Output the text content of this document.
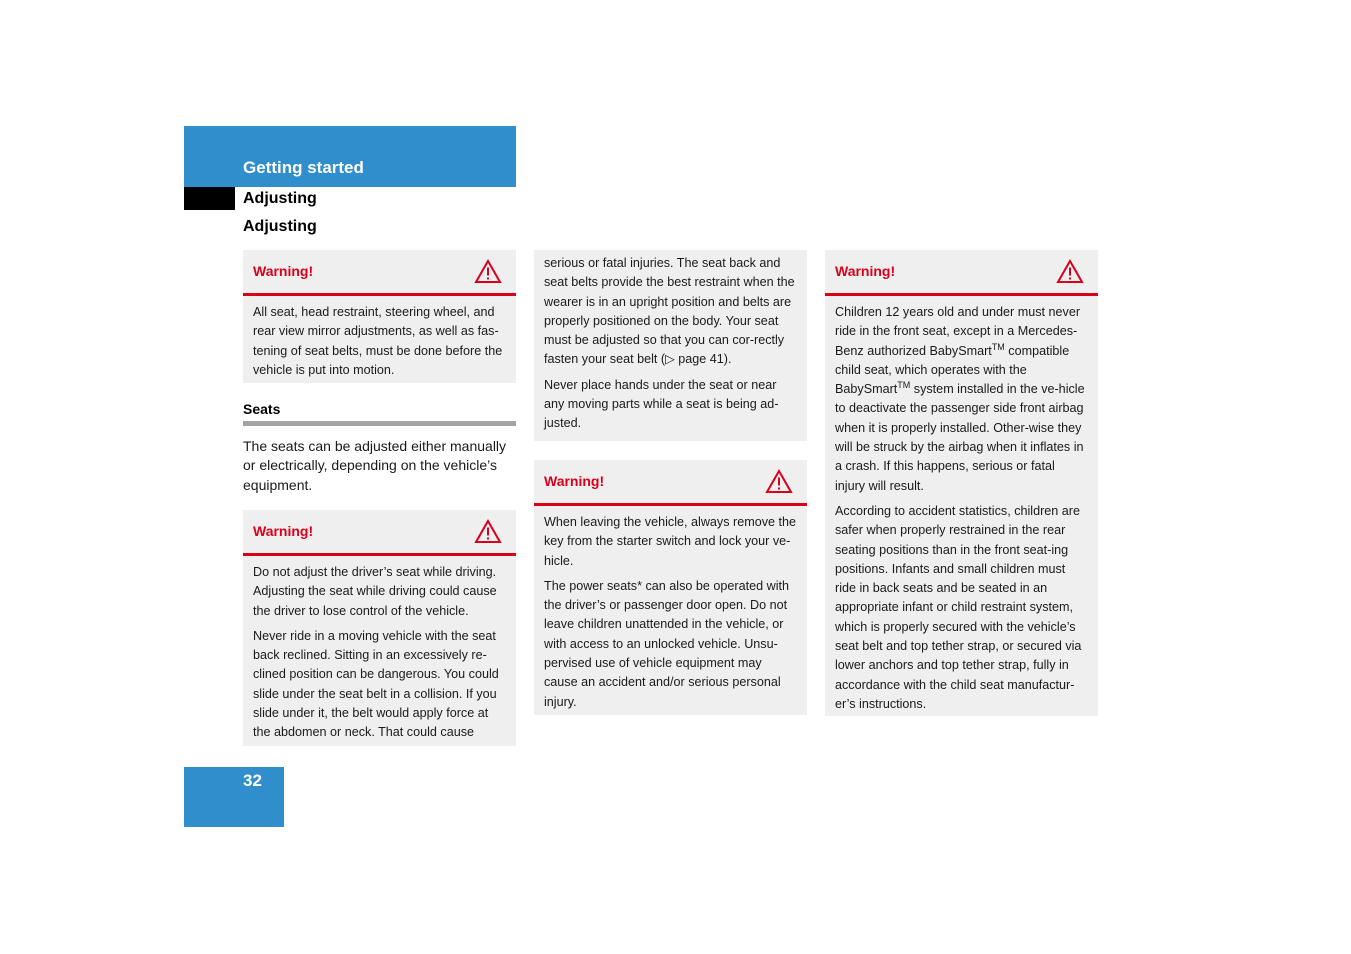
Getting started
Adjusting
Adjusting
Warning!

All seat, head restraint, steering wheel, and rear view mirror adjustments, as well as fas-tening of seat belts, must be done before the vehicle is put into motion.

Seats
The seats can be adjusted either manually or electrically, depending on the vehicle’s equipment.
Warning!

Do not adjust the driver’s seat while driving. Adjusting the seat while driving could cause the driver to lose control of the vehicle.

Never ride in a moving vehicle with the seat back reclined. Sitting in an excessively re-clined position can be dangerous. You could slide under the seat belt in a collision. If you slide under it, the belt would apply force at the abdomen or neck. That could cause

serious or fatal injuries. The seat back and seat belts provide the best restraint when the wearer is in an upright position and belts are properly positioned on the body. Your seat must be adjusted so that you can cor-rectly fasten your seat belt (▷ page 41).

Never place hands under the seat or near any moving parts while a seat is being ad-justed.

Warning!

When leaving the vehicle, always remove the key from the starter switch and lock your ve-hicle.

The power seats* can also be operated with the driver’s or passenger door open. Do not leave children unattended in the vehicle, or with access to an unlocked vehicle. Unsu-pervised use of vehicle equipment may cause an accident and/or serious personal injury.

Warning!

Children 12 years old and under must never ride in the front seat, except in a Mercedes-Benz authorized BabySmart™ compatible child seat, which operates with the BabySmart™ system installed in the ve-hicle to deactivate the passenger side front airbag when it is properly installed. Other-wise they will be struck by the airbag when it inflates in a crash. If this happens, serious or fatal injury will result.

According to accident statistics, children are safer when properly restrained in the rear seating positions than in the front seat-ing positions. Infants and small children must ride in back seats and be seated in an appropriate infant or child restraint system, which is properly secured with the vehicle’s seat belt and top tether strap, or secured via lower anchors and top tether strap, fully in accordance with the child seat manufactur-er’s instructions.

32
